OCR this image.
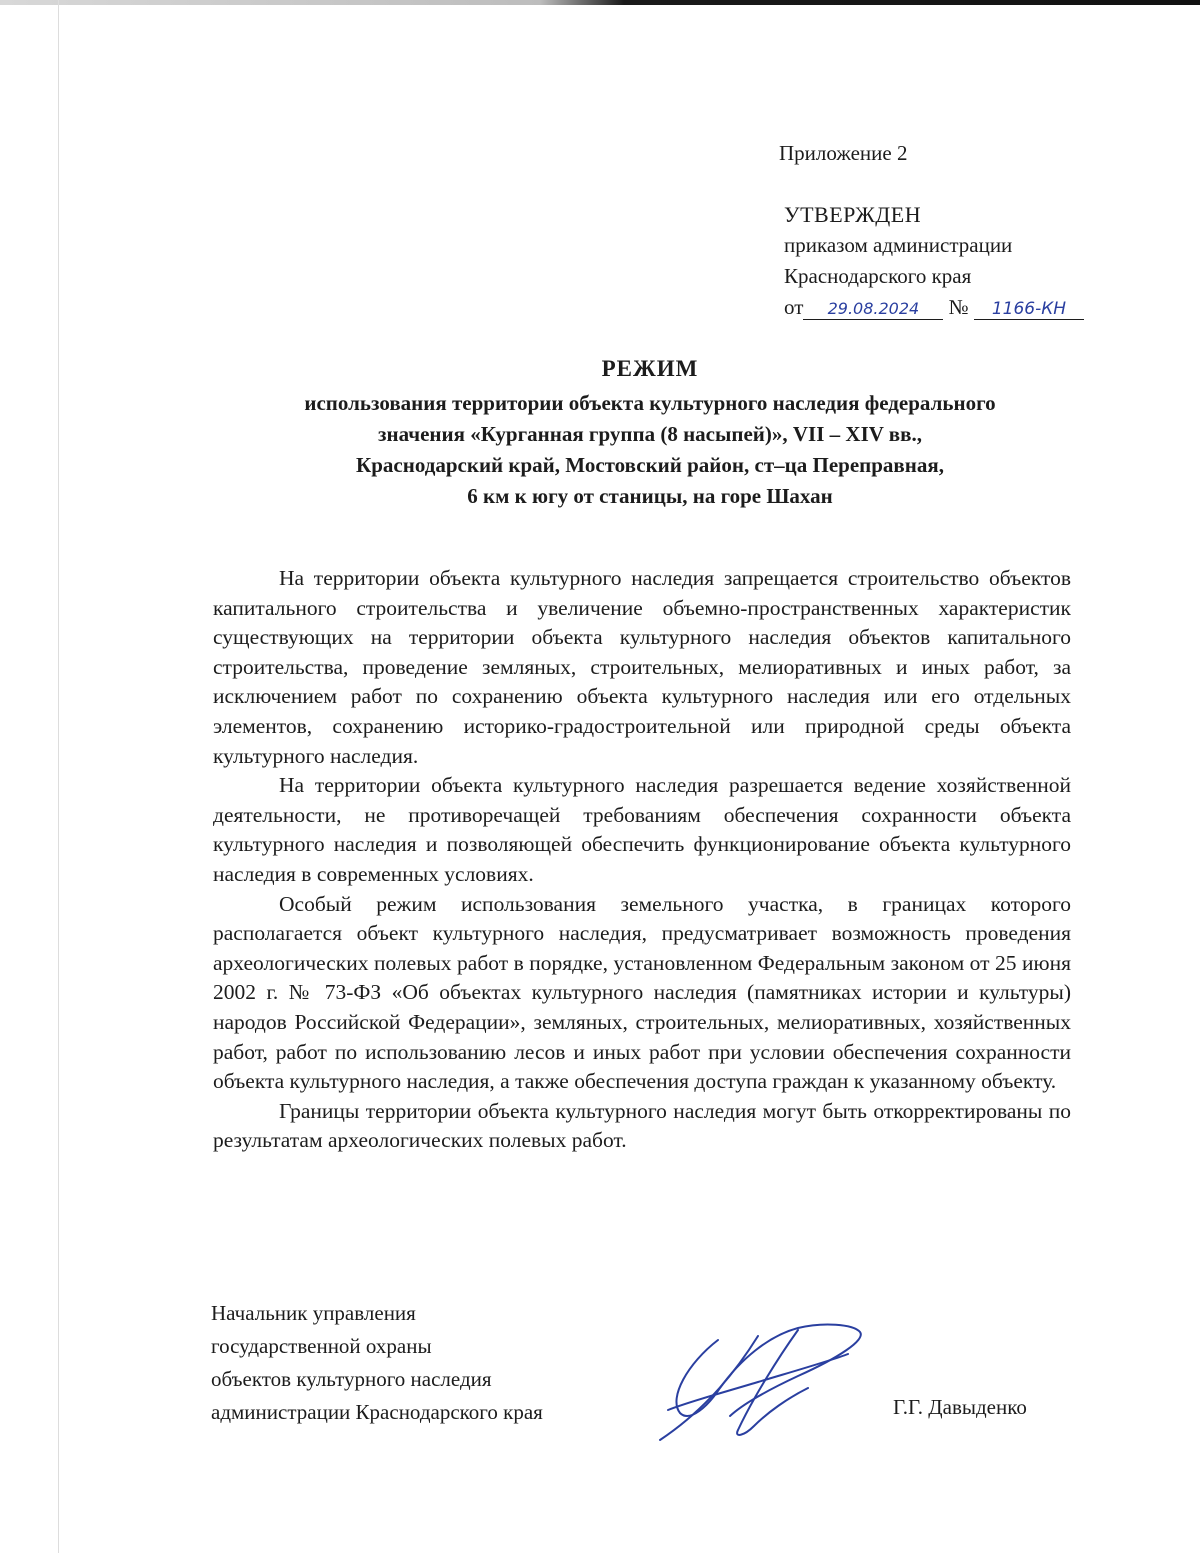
Приложение 2
УТВЕРЖДЕН
приказом администрации
Краснодарского края
от 29.08.2024 № 1166-КН
РЕЖИМ
использования территории объекта культурного наследия федерального
значения «Курганная группа (8 насыпей)», VII – XIV вв.,
Краснодарский край, Мостовский район, ст–ца Переправная,
6 км к югу от станицы, на горе Шахан

На территории объекта культурного наследия запрещается строительство объектов капитального строительства и увеличение объемно-пространственных характеристик существующих на территории объекта культурного наследия объектов капитального строительства, проведение земляных, строительных, мелиоративных и иных работ, за исключением работ по сохранению объекта культурного наследия или его отдельных элементов, сохранению историко-градостроительной или природной среды объекта культурного наследия.

На территории объекта культурного наследия разрешается ведение хозяйственной деятельности, не противоречащей требованиям обеспечения сохранности объекта культурного наследия и позволяющей обеспечить функционирование объекта культурного наследия в современных условиях.

Особый режим использования земельного участка, в границах которого располагается объект культурного наследия, предусматривает возможность проведения археологических полевых работ в порядке, установленном Федеральным законом от 25 июня 2002 г. № 73-ФЗ «Об объектах культурного наследия (памятниках истории и культуры) народов Российской Федерации», земляных, строительных, мелиоративных, хозяйственных работ, работ по использованию лесов и иных работ при условии обеспечения сохранности объекта культурного наследия, а также обеспечения доступа граждан к указанному объекту.

Границы территории объекта культурного наследия могут быть откорректированы по результатам археологических полевых работ.

Начальник управления
государственной охраны
объектов культурного наследия
администрации Краснодарского края	Г.Г. Давыденко
